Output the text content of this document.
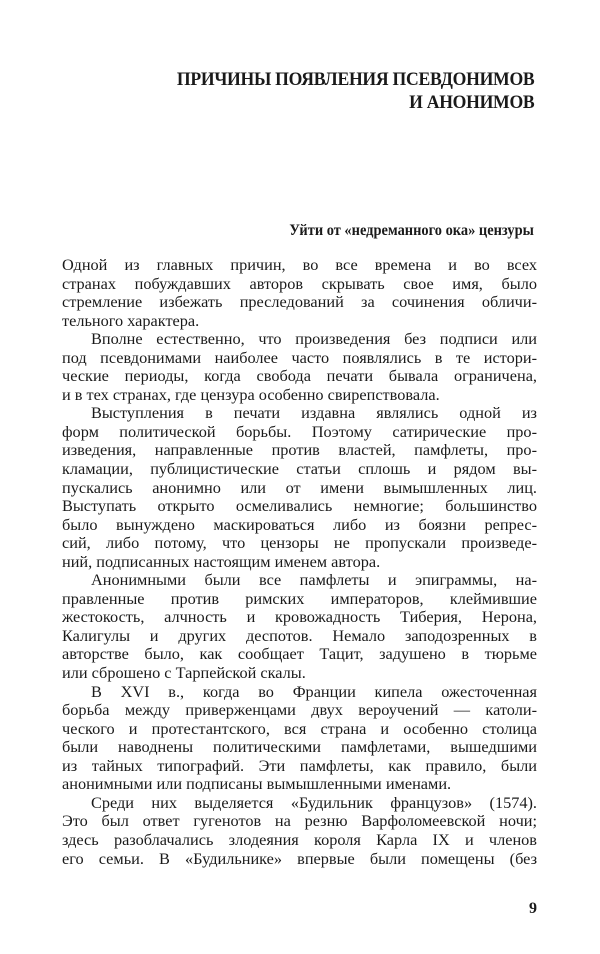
ПРИЧИНЫ ПОЯВЛЕНИЯ ПСЕВДОНИМОВ
И АНОНИМОВ
Уйти от «недреманного ока» цензуры
Одной из главных причин, во все времена и во всех
странах побуждавших авторов скрывать свое имя, было
стремление избежать преследований за сочинения обличи-
тельного характера.
Вполне естественно, что произведения без подписи или
под псевдонимами наиболее часто появлялись в те истори-
ческие периоды, когда свобода печати бывала ограничена,
и в тех странах, где цензура особенно свирепствовала.
Выступления в печати издавна являлись одной из
форм политической борьбы. Поэтому сатирические про-
изведения, направленные против властей, памфлеты, про-
кламации, публицистические статьи сплошь и рядом вы-
пускались анонимно или от имени вымышленных лиц.
Выступать открыто осмеливались немногие; большинство
было вынуждено маскироваться либо из боязни репрес-
сий, либо потому, что цензоры не пропускали произведе-
ний, подписанных настоящим именем автора.
Анонимными были все памфлеты и эпиграммы, на-
правленные против римских императоров, клеймившие
жестокость, алчность и кровожадность Тиберия, Нерона,
Калигулы и других деспотов. Немало заподозренных в
авторстве было, как сообщает Тацит, задушено в тюрьме
или сброшено с Тарпейской скалы.
В XVI в., когда во Франции кипела ожесточенная
борьба между приверженцами двух вероучений — католи-
ческого и протестантского, вся страна и особенно столица
были наводнены политическими памфлетами, вышедшими
из тайных типографий. Эти памфлеты, как правило, были
анонимными или подписаны вымышленными именами.
Среди них выделяется «Будильник французов» (1574).
Это был ответ гугенотов на резню Варфоломеевской ночи;
здесь разоблачались злодеяния короля Карла IX и членов
его семьи. В «Будильнике» впервые были помещены (без
9
